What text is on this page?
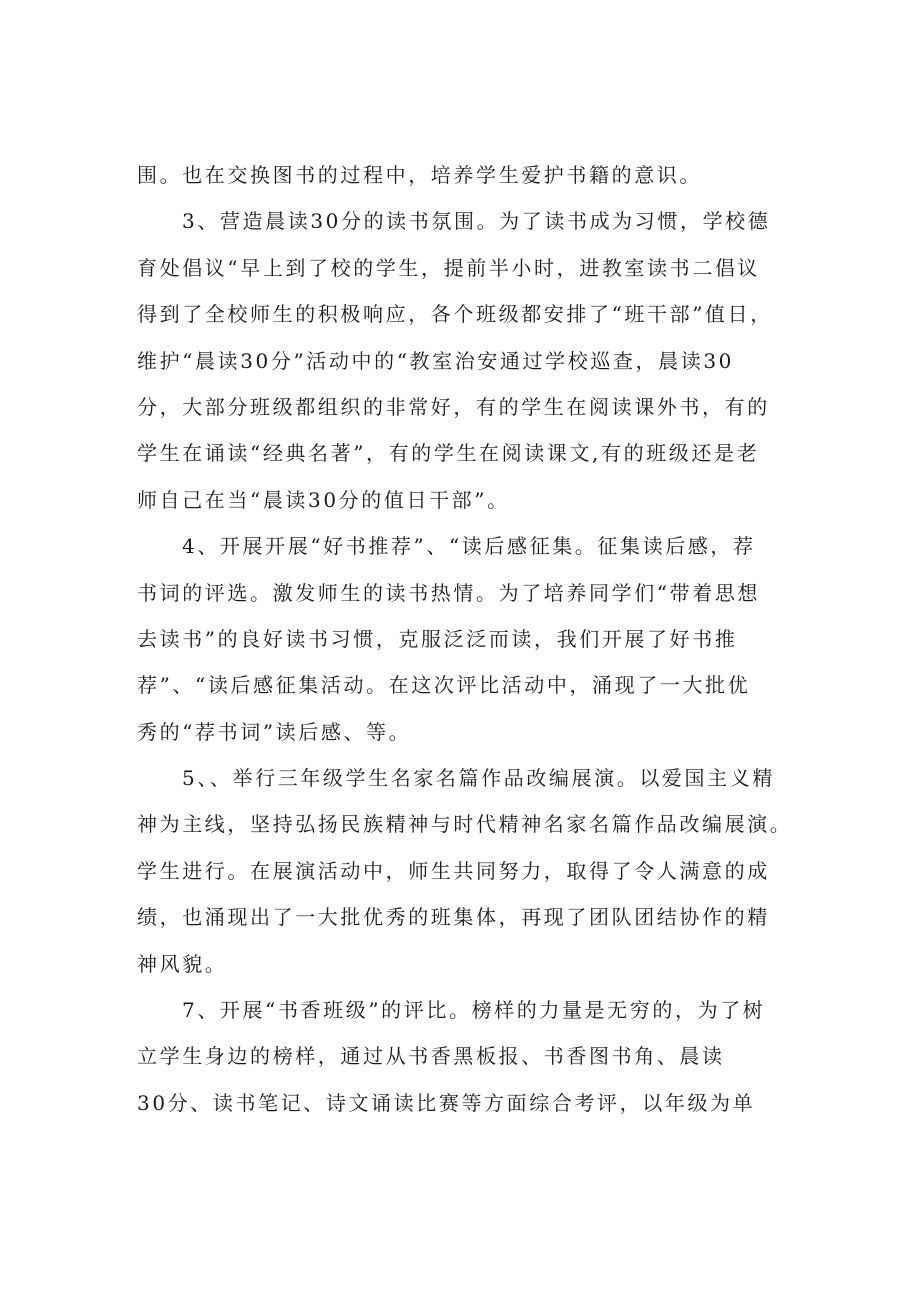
围。也在交换图书的过程中，培养学生爱护书籍的意识。
3、营造晨读30分的读书氛围。为了读书成为习惯，学校德
育处倡议“早上到了校的学生，提前半小时，进教室读书二倡议
得到了全校师生的积极响应，各个班级都安排了“班干部”值日，
维护“晨读30分”活动中的“教室治安通过学校巡查，晨读30
分，大部分班级都组织的非常好，有的学生在阅读课外书，有的
学生在诵读“经典名著”，有的学生在阅读课文,有的班级还是老
师自己在当“晨读30分的值日干部”。
4、开展开展“好书推荐”、“读后感征集。征集读后感，荐
书词的评选。激发师生的读书热情。为了培养同学们“带着思想
去读书”的良好读书习惯，克服泛泛而读，我们开展了好书推
荐”、“读后感征集活动。在这次评比活动中，涌现了一大批优
秀的“荐书词”读后感、等。
5、、举行三年级学生名家名篇作品改编展演。以爱国主义精
神为主线，坚持弘扬民族精神与时代精神名家名篇作品改编展演。
学生进行。在展演活动中，师生共同努力，取得了令人满意的成
绩，也涌现出了一大批优秀的班集体，再现了团队团结协作的精
神风貌。
7、开展“书香班级”的评比。榜样的力量是无穷的，为了树
立学生身边的榜样，通过从书香黑板报、书香图书角、晨读
30分、读书笔记、诗文诵读比赛等方面综合考评，以年级为单
